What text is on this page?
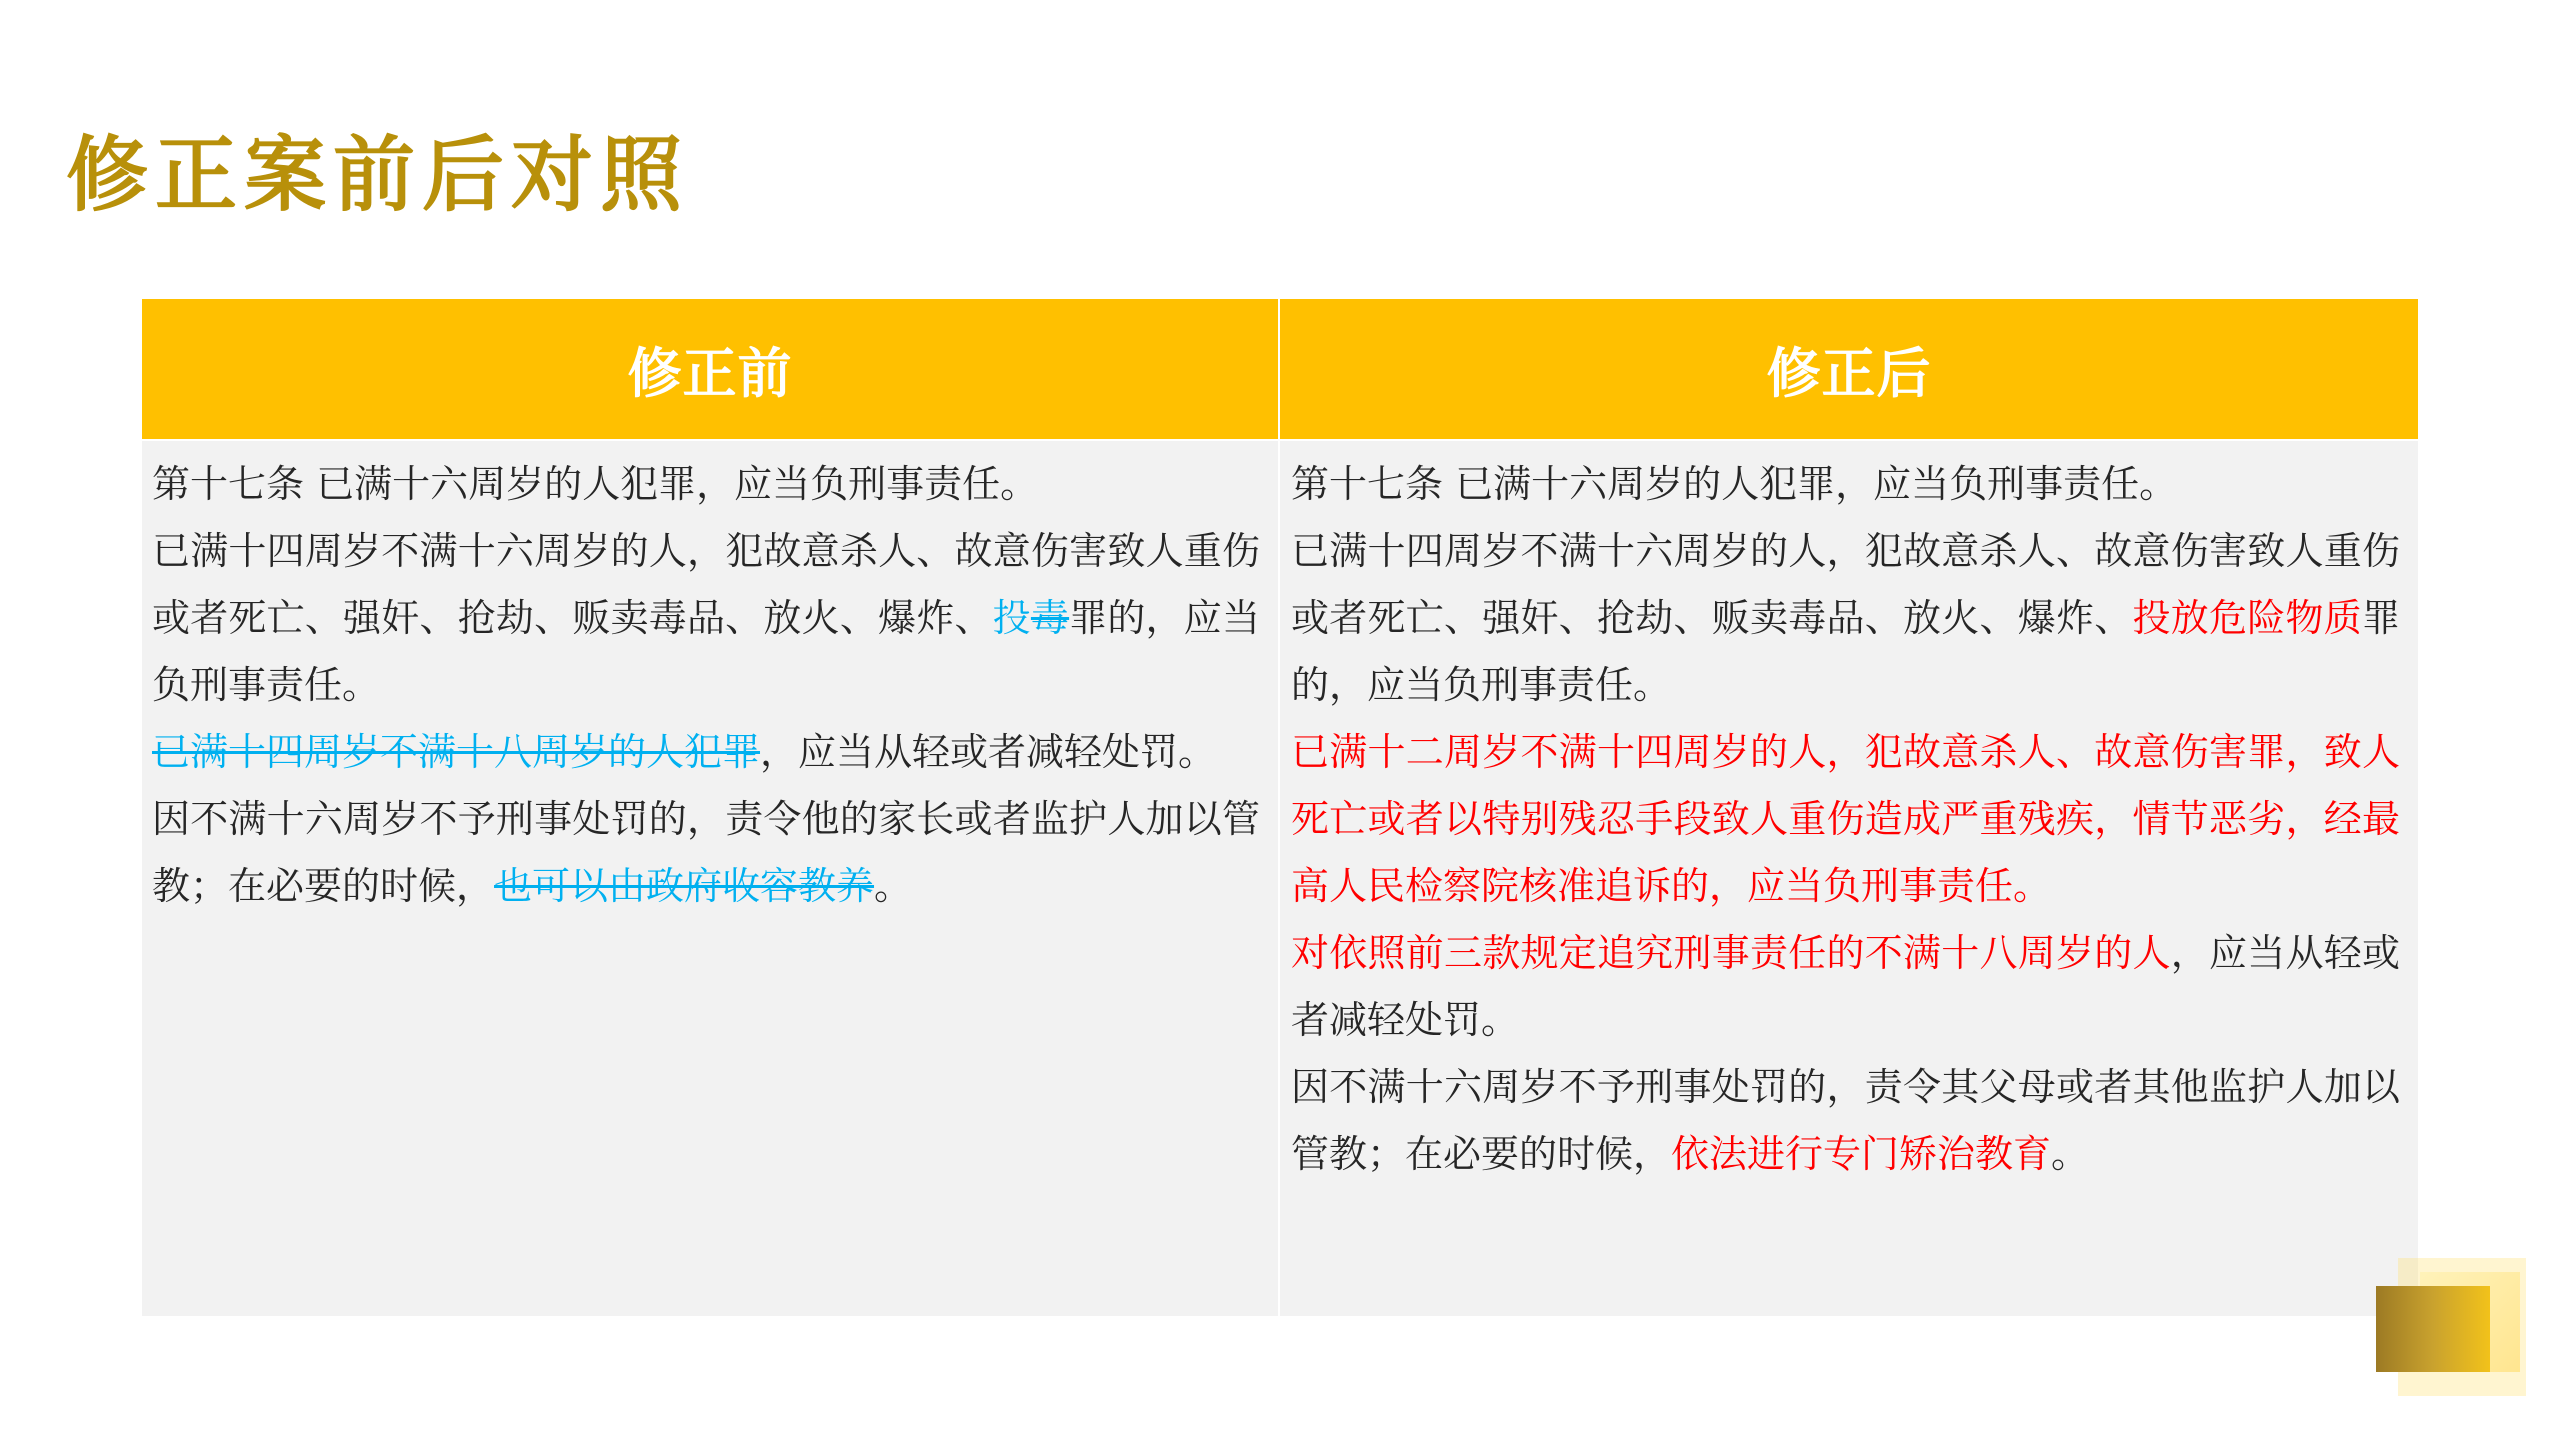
修正案前后对照
修正前	修正后

第十七条 已满十六周岁的人犯罪，应当负刑事责任。

已满十四周岁不满十六周岁的人，犯故意杀人、故意伤害致人重伤或者死亡、强奸、抢劫、贩卖毒品、放火、爆炸、投毒罪的，应当负刑事责任。

已满十四周岁不满十八周岁的人犯罪，应当从轻或者减轻处罚。

因不满十六周岁不予刑事处罚的，责令他的家长或者监护人加以管教；在必要的时候，也可以由政府收容教养。

第十七条 已满十六周岁的人犯罪，应当负刑事责任。

已满十四周岁不满十六周岁的人，犯故意杀人、故意伤害致人重伤或者死亡、强奸、抢劫、贩卖毒品、放火、爆炸、投放危险物质罪的，应当负刑事责任。

已满十二周岁不满十四周岁的人，犯故意杀人、故意伤害罪，致人死亡或者以特别残忍手段致人重伤造成严重残疾，情节恶劣，经最高人民检察院核准追诉的，应当负刑事责任。

对依照前三款规定追究刑事责任的不满十八周岁的人，应当从轻或者减轻处罚。

因不满十六周岁不予刑事处罚的，责令其父母或者其他监护人加以管教；在必要的时候，依法进行专门矫治教育。
